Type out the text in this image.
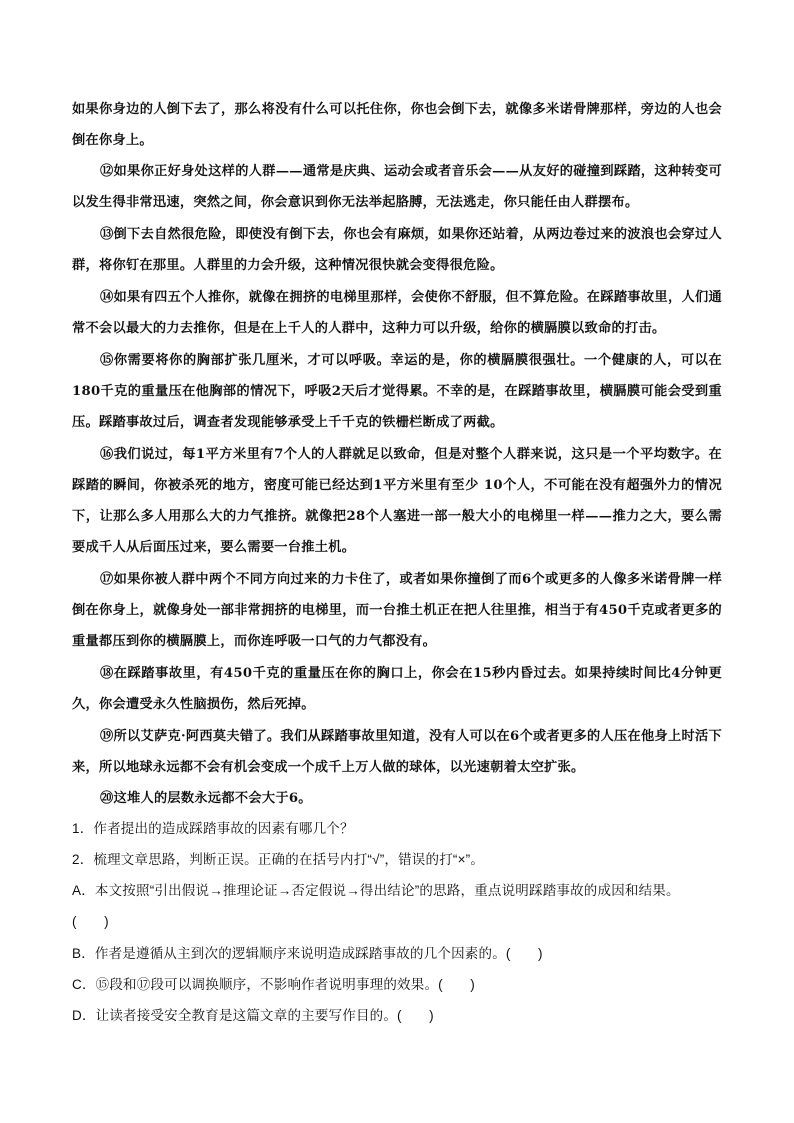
如果你身边的人倒下去了，那么将没有什么可以托住你，你也会倒下去，就像多米诺骨牌那样，旁边的人也会倒在你身上。

⑫如果你正好身处这样的人群——通常是庆典、运动会或者音乐会——从友好的碰撞到踩踏，这种转变可以发生得非常迅速，突然之间，你会意识到你无法举起胳膊，无法逃走，你只能任由人群摆布。

⑬倒下去自然很危险，即使没有倒下去，你也会有麻烦，如果你还站着，从两边卷过来的波浪也会穿过人群，将你钉在那里。人群里的力会升级，这种情况很快就会变得很危险。

⑭如果有四五个人推你，就像在拥挤的电梯里那样，会使你不舒服，但不算危险。在踩踏事故里，人们通常不会以最大的力去推你，但是在上千人的人群中，这种力可以升级，给你的横膈膜以致命的打击。

⑮你需要将你的胸部扩张几厘米，才可以呼吸。幸运的是，你的横膈膜很强壮。一个健康的人，可以在180千克的重量压在他胸部的情况下，呼吸2天后才觉得累。不幸的是，在踩踏事故里，横膈膜可能会受到重压。踩踏事故过后，调查者发现能够承受上千千克的铁栅栏断成了两截。

⑯我们说过，每1平方米里有7个人的人群就足以致命，但是对整个人群来说，这只是一个平均数字。在踩踏的瞬间，你被杀死的地方，密度可能已经达到1平方米里有至少 10个人，不可能在没有超强外力的情况下，让那么多人用那么大的力气推挤。就像把28个人塞进一部一般大小的电梯里一样——推力之大，要么需要成千人从后面压过来，要么需要一台推土机。

⑰如果你被人群中两个不同方向过来的力卡住了，或者如果你撞倒了而6个或更多的人像多米诺骨牌一样倒在你身上，就像身处一部非常拥挤的电梯里，而一台推土机正在把人往里推，相当于有450千克或者更多的重量都压到你的横膈膜上，而你连呼吸一口气的力气都没有。

⑱在踩踏事故里，有450千克的重量压在你的胸口上，你会在15秒内昏过去。如果持续时间比4分钟更久，你会遭受永久性脑损伤，然后死掉。

⑲所以艾萨克·阿西莫夫错了。我们从踩踏事故里知道，没有人可以在6个或者更多的人压在他身上时活下来，所以地球永远都不会有机会变成一个成千上万人做的球体，以光速朝着太空扩张。

⑳这堆人的层数永远都不会大于6。

1．作者提出的造成踩踏事故的因素有哪几个？

2．梳理文章思路，判断正误。正确的在括号内打“√”，错误的打“×”。

A．本文按照“引出假说→推理论证→否定假说→得出结论”的思路，重点说明踩踏事故的成因和结果。

(　　)

B．作者是遵循从主到次的逻辑顺序来说明造成踩踏事故的几个因素的。(　　)

C．⑮段和⑰段可以调换顺序，不影响作者说明事理的效果。(　　)

D．让读者接受安全教育是这篇文章的主要写作目的。(　　)
